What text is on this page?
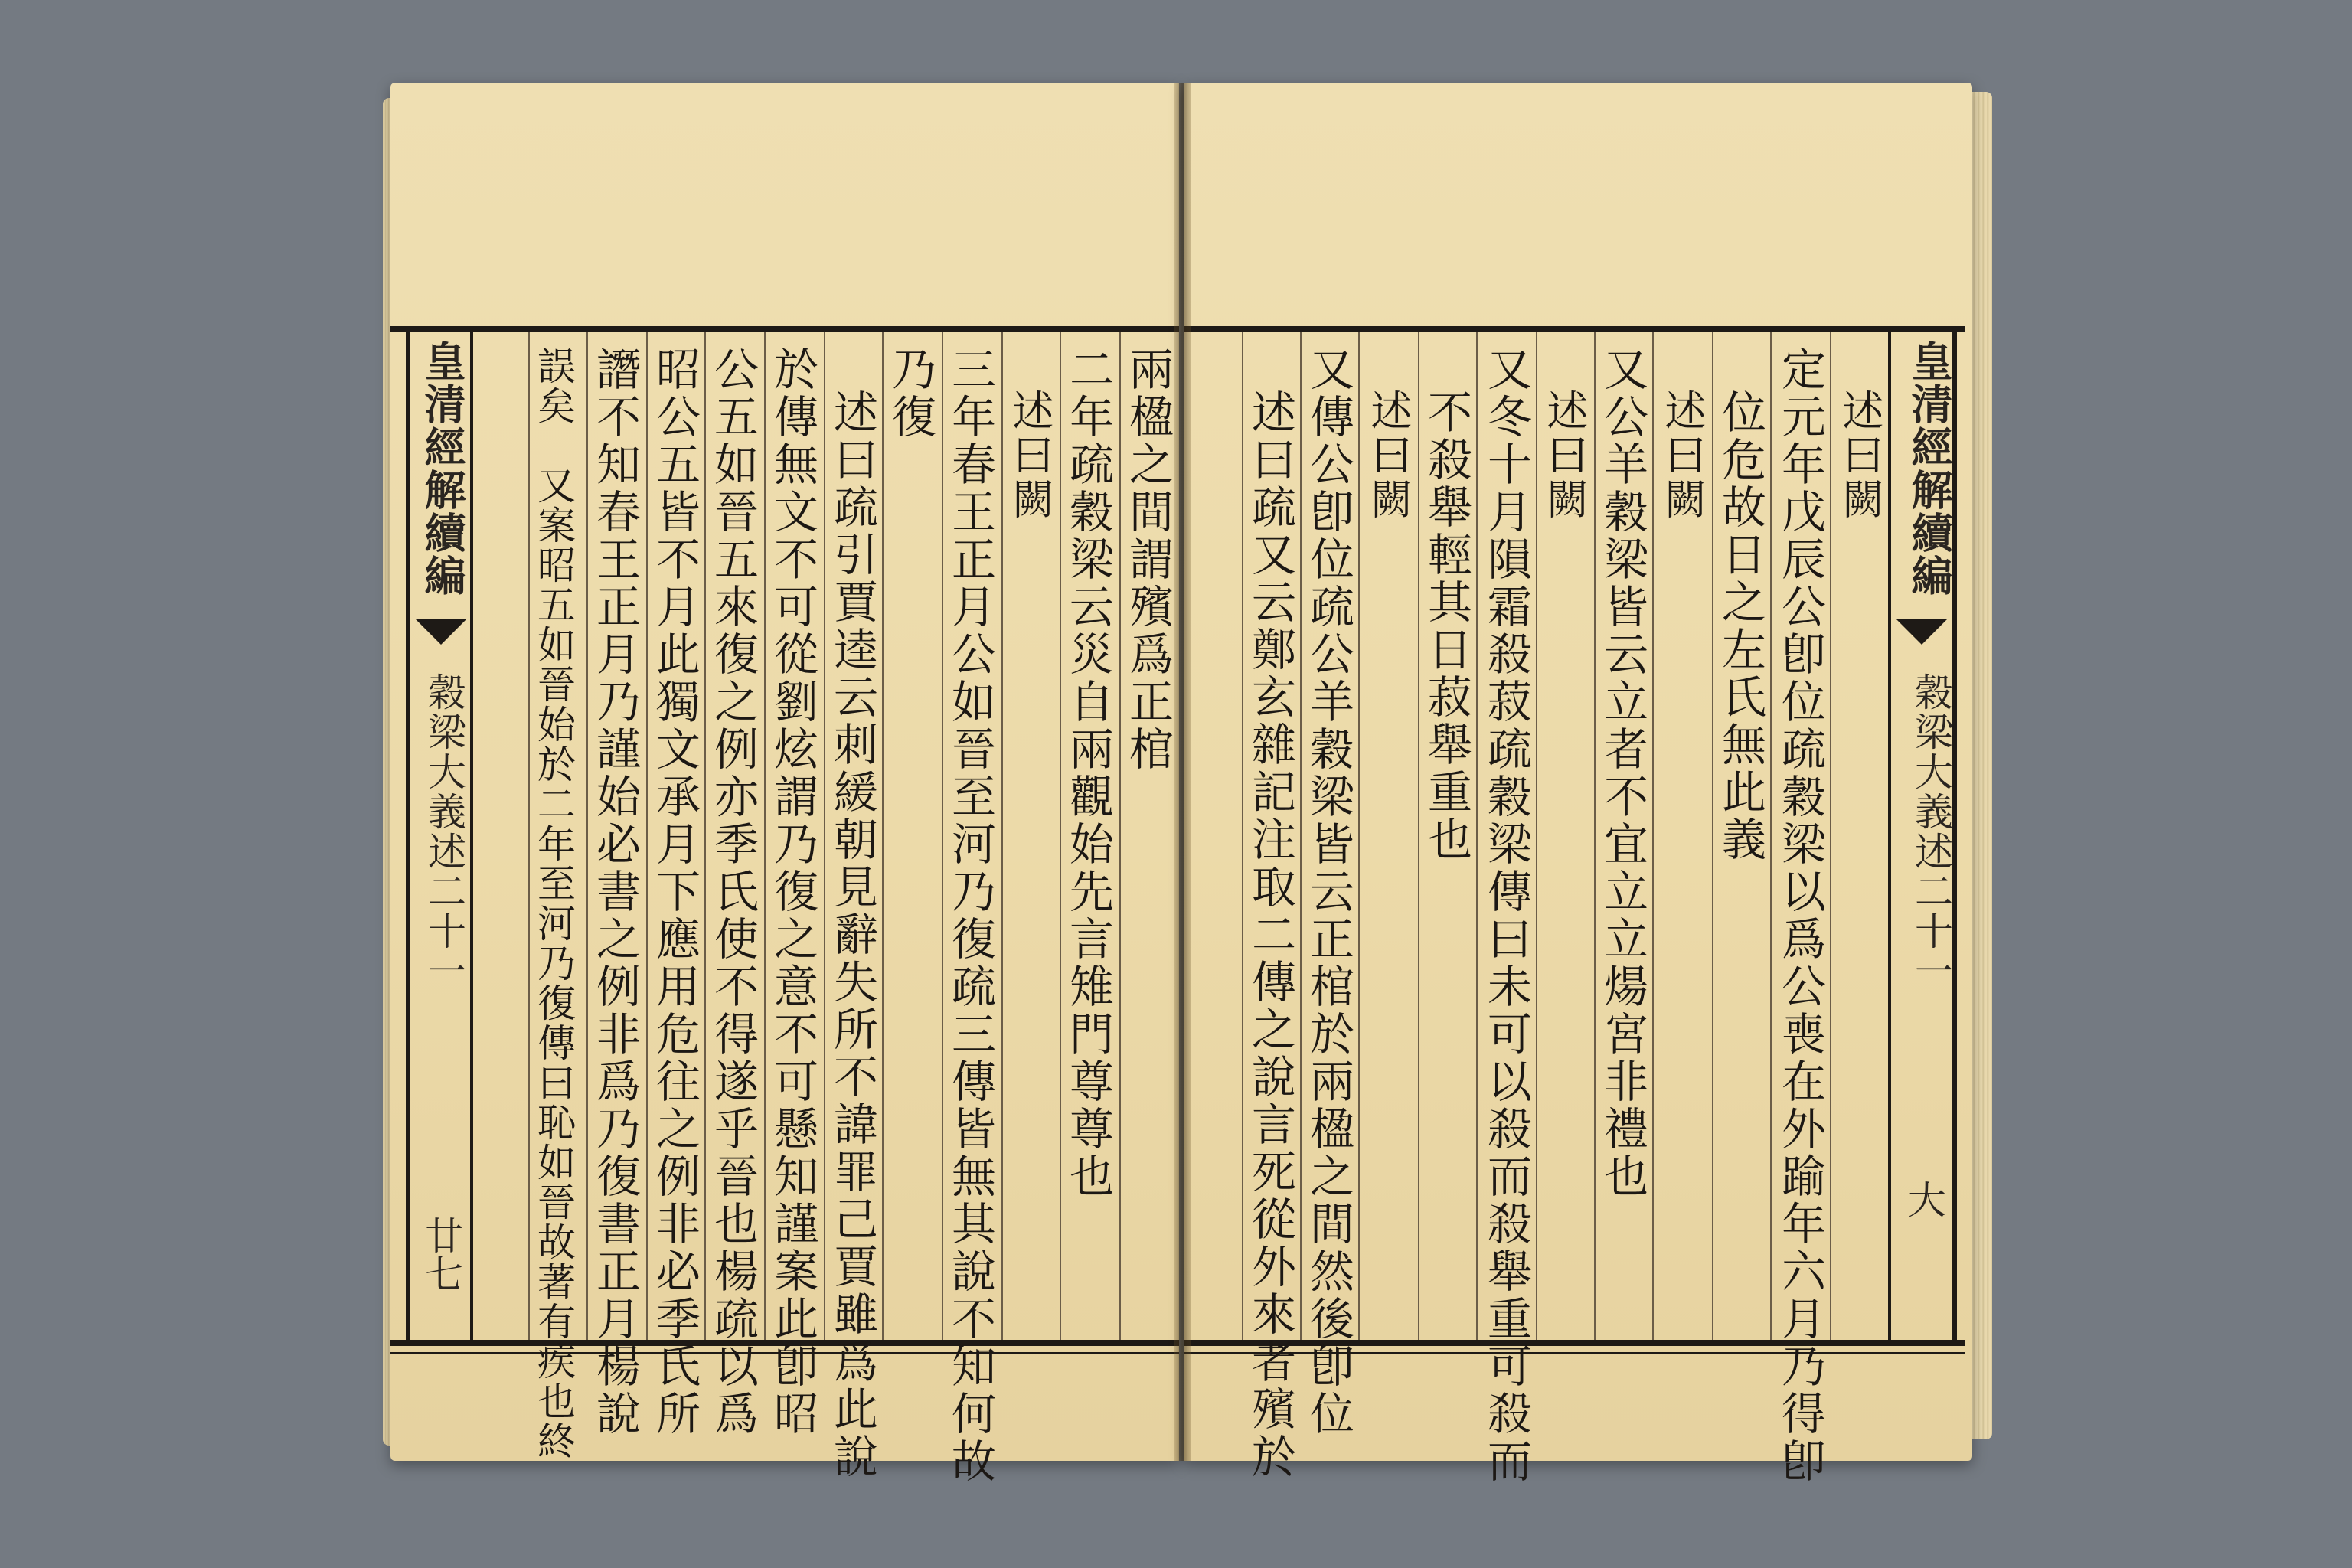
皇清經解續編
穀梁大義述二十一
廿七
兩楹之間謂殯爲正棺
二年疏穀梁云災自兩觀始先言雉門尊尊也
述曰闕
三年春王正月公如晉至河乃復疏三傳皆無其說不知何故
乃復
述曰疏引賈逵云刺緩朝見辭失所不諱罪己賈雖爲此說
於傳無文不可從劉炫謂乃復之意不可懸知謹案此卽昭
公五如晉五來復之例亦季氏使不得遂乎晉也楊疏以爲
昭公五皆不月此獨文承月下應用危往之例非必季氏所
譖不知春王正月乃謹始必書之例非爲乃復書正月楊說
誤矣　又案昭五如晉始於二年至河乃復傳曰恥如晉故著有疾也終	皇清經解續編
穀梁大義述二十一
大
述曰闕
定元年戊辰公卽位疏穀梁以爲公喪在外踰年六月乃得卽
位危故日之左氏無此義
述曰闕
又公羊穀梁皆云立者不宜立立煬宮非禮也
述曰闕
又冬十月隕霜殺菽疏穀梁傳曰未可以殺而殺舉重可殺而
不殺舉輕其日菽舉重也
述曰闕
又傳公卽位疏公羊穀梁皆云正棺於兩楹之間然後卽位
述曰疏又云鄭玄雜記注取二傳之說言死從外來者殯於
